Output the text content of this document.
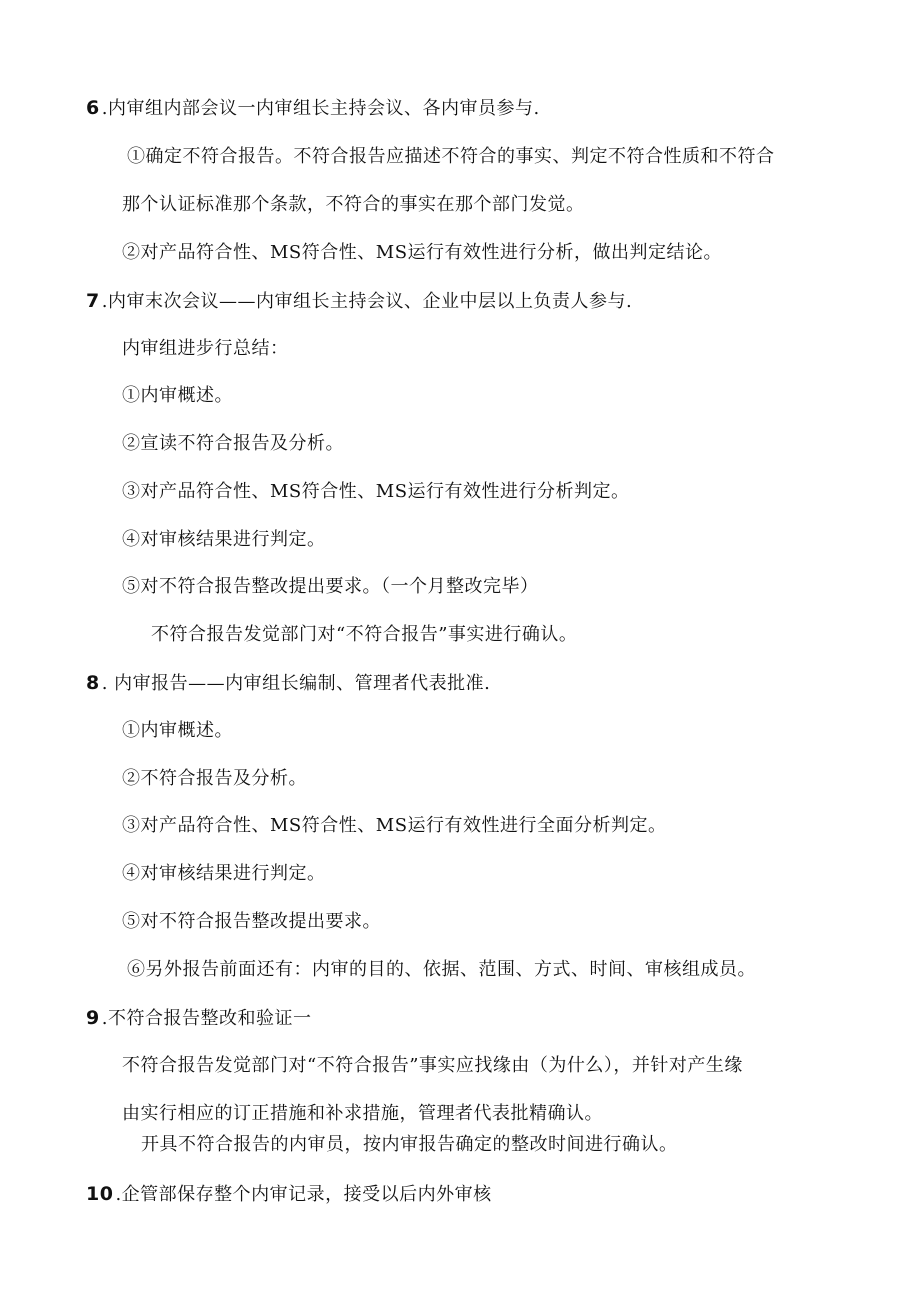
6 .内审组内部会议一内审组长主持会议、各内审员参与.
①确定不符合报告。不符合报告应描述不符合的事实、判定不符合性质和不符合
那个认证标准那个条款，不符合的事实在那个部门发觉。
②对产品符合性、MS符合性、MS运行有效性进行分析，做出判定结论。
7 .内审末次会议——内审组长主持会议、企业中层以上负责人参与.
内审组进步行总结：
①内审概述。
②宣读不符合报告及分析。
③对产品符合性、MS符合性、MS运行有效性进行分析判定。
④对审核结果进行判定。
⑤对不符合报告整改提出要求。（一个月整改完毕）
不符合报告发觉部门对“不符合报告”事实进行确认。
8 . 内审报告——内审组长编制、管理者代表批准.
①内审概述。
②不符合报告及分析。
③对产品符合性、MS符合性、MS运行有效性进行全面分析判定。
④对审核结果进行判定。
⑤对不符合报告整改提出要求。
⑥另外报告前面还有：内审的目的、依据、范围、方式、时间、审核组成员。
9 .不符合报告整改和验证一
不符合报告发觉部门对“不符合报告”事实应找缘由（为什么），并针对产生缘
由实行相应的订正措施和补求措施，管理者代表批精确认。
开具不符合报告的内审员，按内审报告确定的整改时间进行确认。
10 .企管部保存整个内审记录，接受以后内外审核
